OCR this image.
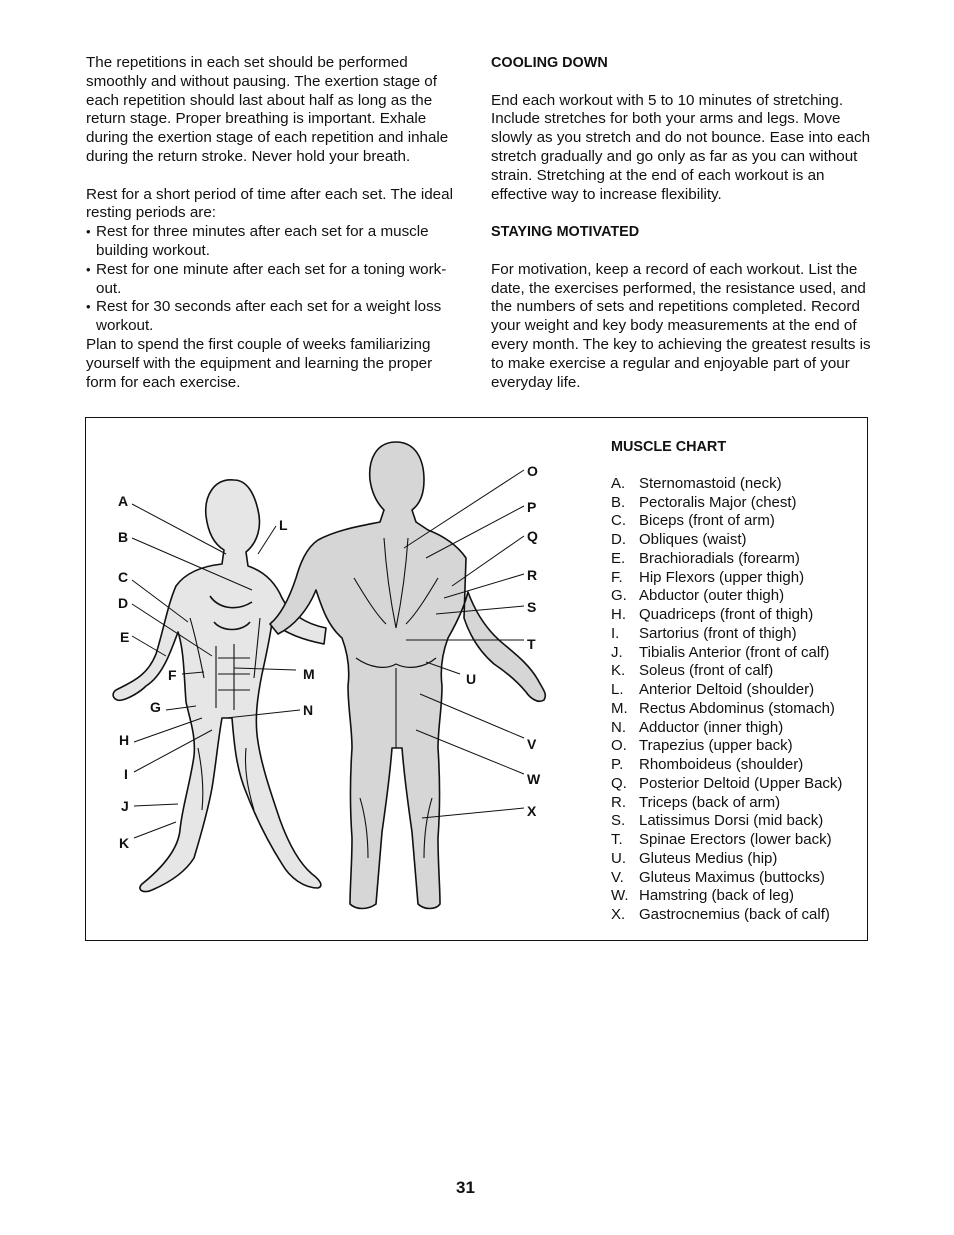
The repetitions in each set should be performed smoothly and without pausing. The exertion stage of each repetition should last about half as long as the return stage. Proper breathing is important. Exhale during the exertion stage of each repetition and inhale during the return stroke. Never hold your breath.

Rest for a short period of time after each set. The ideal resting periods are:
• Rest for three minutes after each set for a muscle building workout.
• Rest for one minute after each set for a toning work-out.
• Rest for 30 seconds after each set for a weight loss workout.
Plan to spend the first couple of weeks familiarizing yourself with the equipment and learning the proper form for each exercise.
COOLING DOWN

End each workout with 5 to 10 minutes of stretching. Include stretches for both your arms and legs. Move slowly as you stretch and do not bounce. Ease into each stretch gradually and go only as far as you can without strain. Stretching at the end of each workout is an effective way to increase flexibility.

STAYING MOTIVATED
For motivation, keep a record of each workout. List the date, the exercises performed, the resistance used, and the numbers of sets and repetitions completed. Record your weight and key body measurements at the end of every month. The key to achieving the greatest results is to make exercise a regular and enjoyable part of your everyday life.
A
B
C
D
E
F
G
H
I
J
K
L
M
N
O
P
Q
R
S
T
U
V
W
X
MUSCLE CHART
A. Sternomastoid (neck)
B. Pectoralis Major (chest)
C. Biceps (front of arm)
D. Obliques (waist)
E. Brachioradials (forearm)
F.	Hip Flexors (upper thigh)
G. Abductor (outer thigh)
H. Quadriceps (front of thigh)
I.	Sartorius (front of thigh)
J.	Tibialis Anterior (front of calf)
K. Soleus (front of calf)
L.	Anterior Deltoid (shoulder)
M. Rectus Abdominus (stomach)
N. Adductor (inner thigh)
O. Trapezius (upper back)
P.	Rhomboideus (shoulder)
Q. Posterior Deltoid (Upper Back)
R. Triceps (back of arm)
S. Latissimus Dorsi (mid back)
T.	Spinae Erectors (lower back)
U. Gluteus Medius (hip)
V.	Gluteus Maximus (buttocks)
W. Hamstring (back of leg)
X. Gastrocnemius (back of calf)
31
